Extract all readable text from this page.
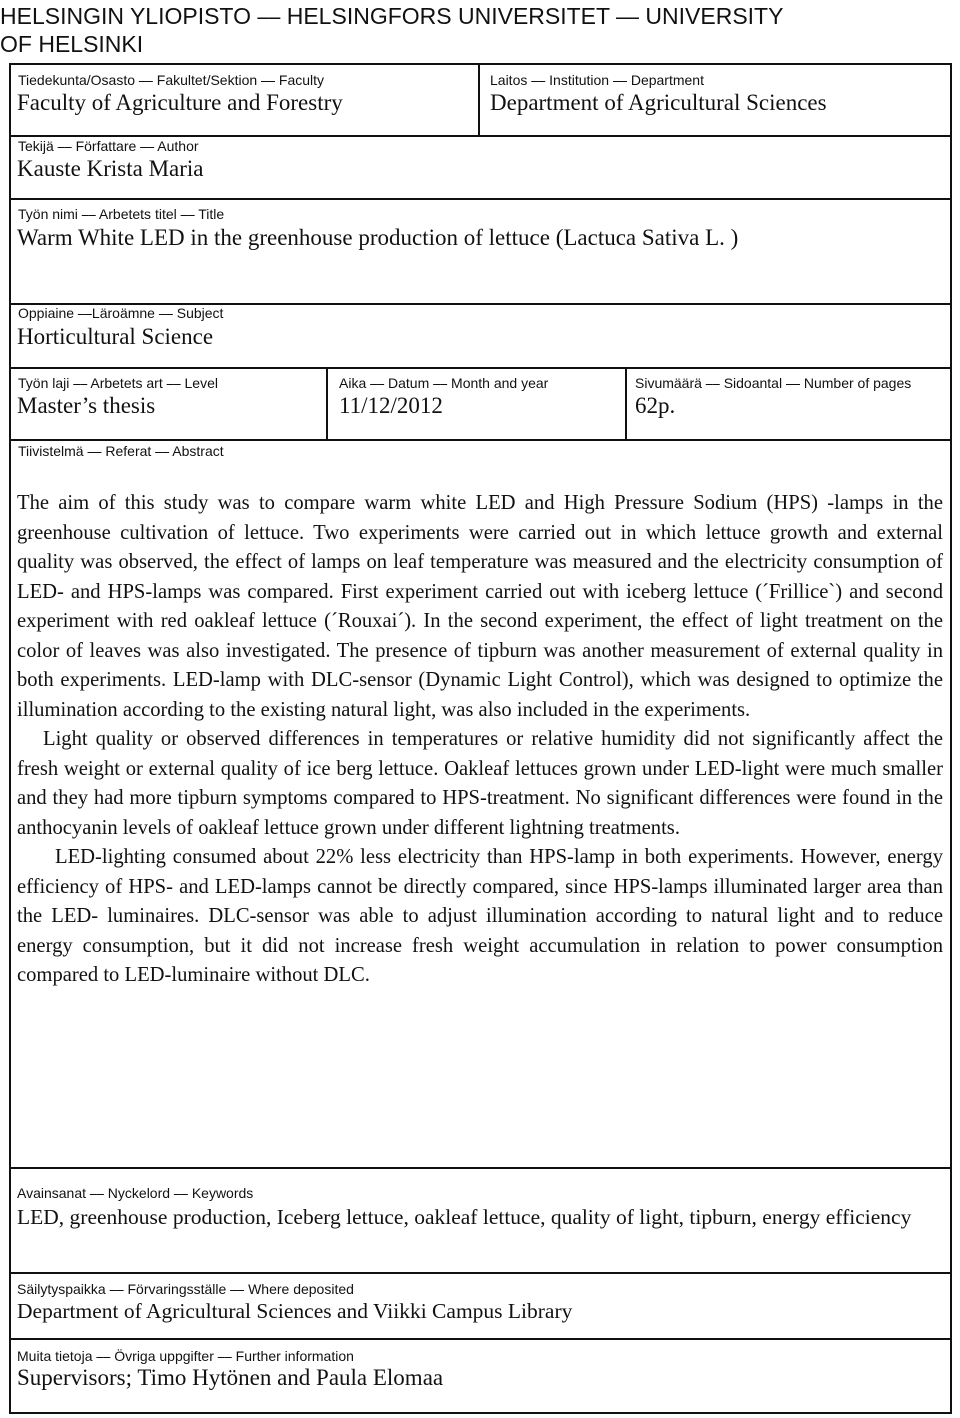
HELSINGIN YLIOPISTO ⎯⎯ HELSINGFORS UNIVERSITET ⎯⎯ UNIVERSITY
OF HELSINKI
Tiedekunta/Osasto ⎯⎯ Fakultet/Sektion ⎯⎯ Faculty
Faculty of Agriculture and Forestry
Laitos ⎯⎯ Institution ⎯⎯ Department
Department of Agricultural Sciences
Tekijä ⎯⎯ Författare ⎯⎯ Author
Kauste Krista Maria
Työn nimi ⎯⎯ Arbetets titel ⎯⎯ Title
Warm White LED in the greenhouse production of lettuce (Lactuca Sativa L. )
Oppiaine ⎯⎯Läroämne ⎯⎯ Subject
Horticultural Science
Työn laji ⎯⎯ Arbetets art ⎯⎯ Level
Master’s thesis
Aika ⎯⎯ Datum ⎯⎯ Month and year
11/12/2012
Sivumäärä ⎯⎯ Sidoantal ⎯⎯ Number of pages
62p.
Tiivistelmä ⎯⎯ Referat ⎯⎯ Abstract

The aim of this study was to compare warm white LED and High Pressure Sodium (HPS) -lamps in the greenhouse cultivation of lettuce. Two experiments were carried out in which lettuce growth and external quality was observed, the effect of lamps on leaf temperature was measured and the electricity consumption of LED- and HPS-lamps was compared. First experiment carried out with iceberg lettuce (´Frillice`) and second experiment with red oakleaf lettuce (´Rouxai´). In the second experiment, the effect of light treatment on the color of leaves was also investigated. The presence of tipburn was another measurement of external quality in both experiments. LED-lamp with DLC-sensor (Dynamic Light Control), which was designed to optimize the illumination according to the existing natural light, was also included in the experiments.

Light quality or observed differences in temperatures or relative humidity did not significantly affect the fresh weight or external quality of ice berg lettuce. Oakleaf lettuces grown under LED-light were much smaller and they had more tipburn symptoms compared to HPS-treatment. No significant differences were found in the anthocyanin levels of oakleaf lettuce grown under different lightning treatments.

LED-lighting consumed about 22% less electricity than HPS-lamp in both experiments. However, energy efficiency of HPS- and LED-lamps cannot be directly compared, since HPS-lamps illuminated larger area than the LED- luminaires. DLC-sensor was able to adjust illumination according to natural light and to reduce energy consumption, but it did not increase fresh weight accumulation in relation to power consumption compared to LED-luminaire without DLC.

Avainsanat ⎯⎯ Nyckelord ⎯⎯ Keywords
LED, greenhouse production, Iceberg lettuce, oakleaf lettuce, quality of light, tipburn, energy efficiency
Säilytyspaikka ⎯⎯ Förvaringsställe ⎯⎯ Where deposited
Department of Agricultural Sciences and Viikki Campus Library
Muita tietoja ⎯⎯ Övriga uppgifter ⎯⎯ Further information
Supervisors; Timo Hytönen and Paula Elomaa
